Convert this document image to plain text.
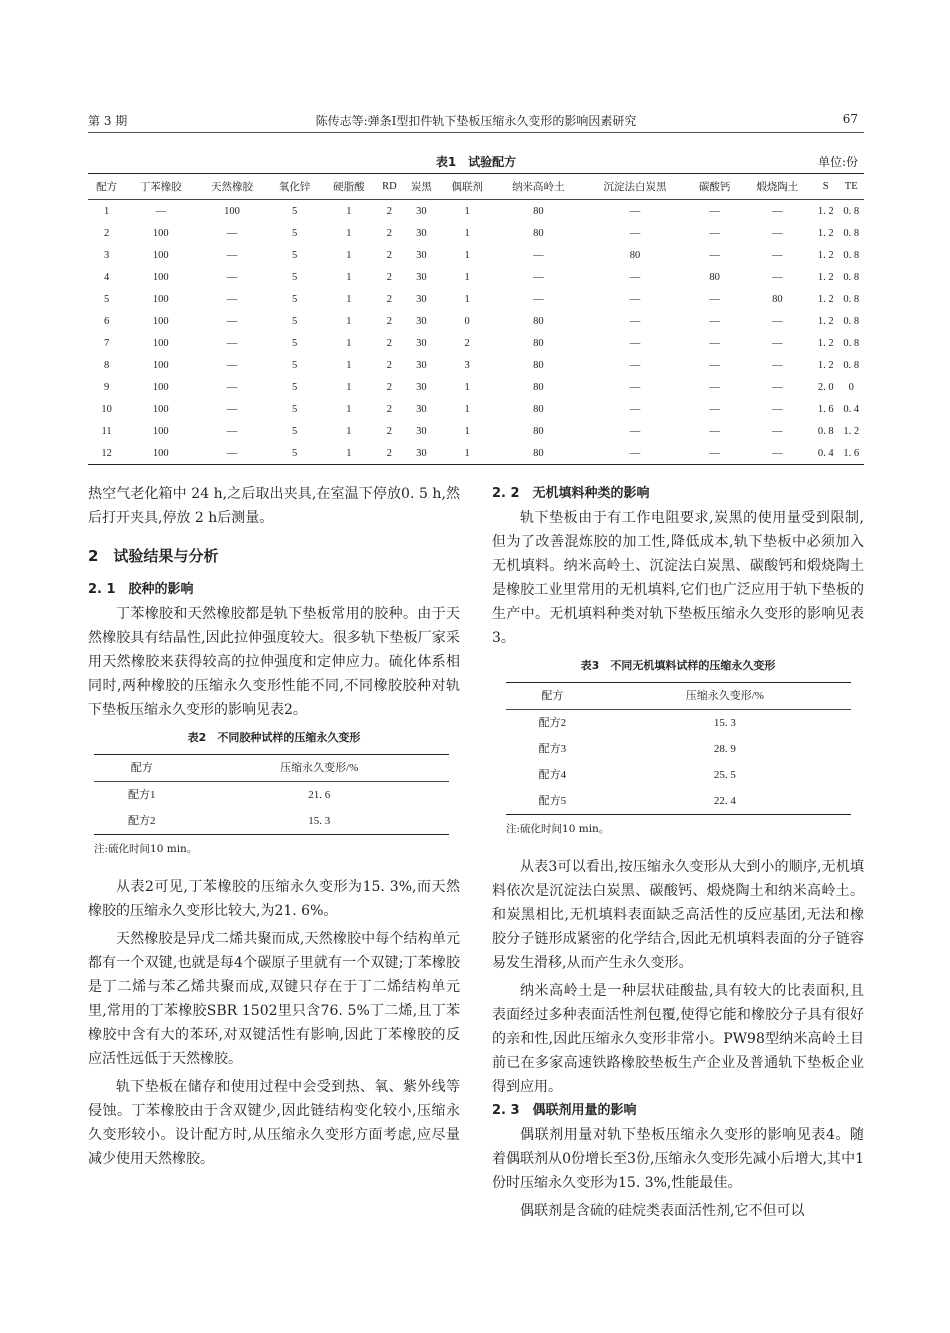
第 3 期	陈传志等:弹条Ⅰ型扣件轨下垫板压缩永久变形的影响因素研究	67
表1　试验配方	单位:份
配方	丁苯橡胶	天然橡胶	氧化锌	硬脂酸	RD	炭黑	偶联剂	纳米高岭土	沉淀法白炭黑	碳酸钙	煅烧陶土	S	TE
1	—	100	5	1	2	30	1	80	—	—	—	1. 2	0. 8
2	100	—	5	1	2	30	1	80	—	—	—	1. 2	0. 8
3	100	—	5	1	2	30	1	—	80	—	—	1. 2	0. 8
4	100	—	5	1	2	30	1	—	—	80	—	1. 2	0. 8
5	100	—	5	1	2	30	1	—	—	—	80	1. 2	0. 8
6	100	—	5	1	2	30	0	80	—	—	—	1. 2	0. 8
7	100	—	5	1	2	30	2	80	—	—	—	1. 2	0. 8
8	100	—	5	1	2	30	3	80	—	—	—	1. 2	0. 8
9	100	—	5	1	2	30	1	80	—	—	—	2. 0	0
10	100	—	5	1	2	30	1	80	—	—	—	1. 6	0. 4
11	100	—	5	1	2	30	1	80	—	—	—	0. 8	1. 2
12	100	—	5	1	2	30	1	80	—	—	—	0. 4	1. 6

热空气老化箱中 24 h,之后取出夹具,在室温下停放0. 5 h,然后打开夹具,停放 2 h后测量。

2　试验结果与分析
2. 1　胶种的影响

丁苯橡胶和天然橡胶都是轨下垫板常用的胶种。由于天然橡胶具有结晶性,因此拉伸强度较大。很多轨下垫板厂家采用天然橡胶来获得较高的拉伸强度和定伸应力。硫化体系相同时,两种橡胶的压缩永久变形性能不同,不同橡胶胶种对轨下垫板压缩永久变形的影响见表2。

表2　不同胶种试样的压缩永久变形
配方	压缩永久变形/%
配方1	21. 6
配方2	15. 3
注:硫化时间10 min。

从表2可见,丁苯橡胶的压缩永久变形为15. 3%,而天然橡胶的压缩永久变形比较大,为21. 6%。

天然橡胶是异戊二烯共聚而成,天然橡胶中每个结构单元都有一个双键,也就是每4个碳原子里就有一个双键;丁苯橡胶是丁二烯与苯乙烯共聚而成,双键只存在于丁二烯结构单元里,常用的丁苯橡胶SBR 1502里只含76. 5%丁二烯,且丁苯橡胶中含有大的苯环,对双键活性有影响,因此丁苯橡胶的反应活性远低于天然橡胶。

轨下垫板在储存和使用过程中会受到热、氧、紫外线等侵蚀。丁苯橡胶由于含双键少,因此链结构变化较小,压缩永久变形较小。设计配方时,从压缩永久变形方面考虑,应尽量减少使用天然橡胶。

2. 2　无机填料种类的影响

轨下垫板由于有工作电阻要求,炭黑的使用量受到限制,但为了改善混炼胶的加工性,降低成本,轨下垫板中必须加入无机填料。纳米高岭土、沉淀法白炭黑、碳酸钙和煅烧陶土是橡胶工业里常用的无机填料,它们也广泛应用于轨下垫板的生产中。无机填料种类对轨下垫板压缩永久变形的影响见表3。

表3　不同无机填料试样的压缩永久变形
配方	压缩永久变形/%
配方2	15. 3
配方3	28. 9
配方4	25. 5
配方5	22. 4
注:硫化时间10 min。

从表3可以看出,按压缩永久变形从大到小的顺序,无机填料依次是沉淀法白炭黑、碳酸钙、煅烧陶土和纳米高岭土。和炭黑相比,无机填料表面缺乏高活性的反应基团,无法和橡胶分子链形成紧密的化学结合,因此无机填料表面的分子链容易发生滑移,从而产生永久变形。

纳米高岭土是一种层状硅酸盐,具有较大的比表面积,且表面经过多种表面活性剂包覆,使得它能和橡胶分子具有很好的亲和性,因此压缩永久变形非常小。PW98型纳米高岭土目前已在多家高速铁路橡胶垫板生产企业及普通轨下垫板企业得到应用。

2. 3　偶联剂用量的影响

偶联剂用量对轨下垫板压缩永久变形的影响见表4。随着偶联剂从0份增长至3份,压缩永久变形先减小后增大,其中1份时压缩永久变形为15. 3%,性能最佳。

偶联剂是含硫的硅烷类表面活性剂,它不但可以
